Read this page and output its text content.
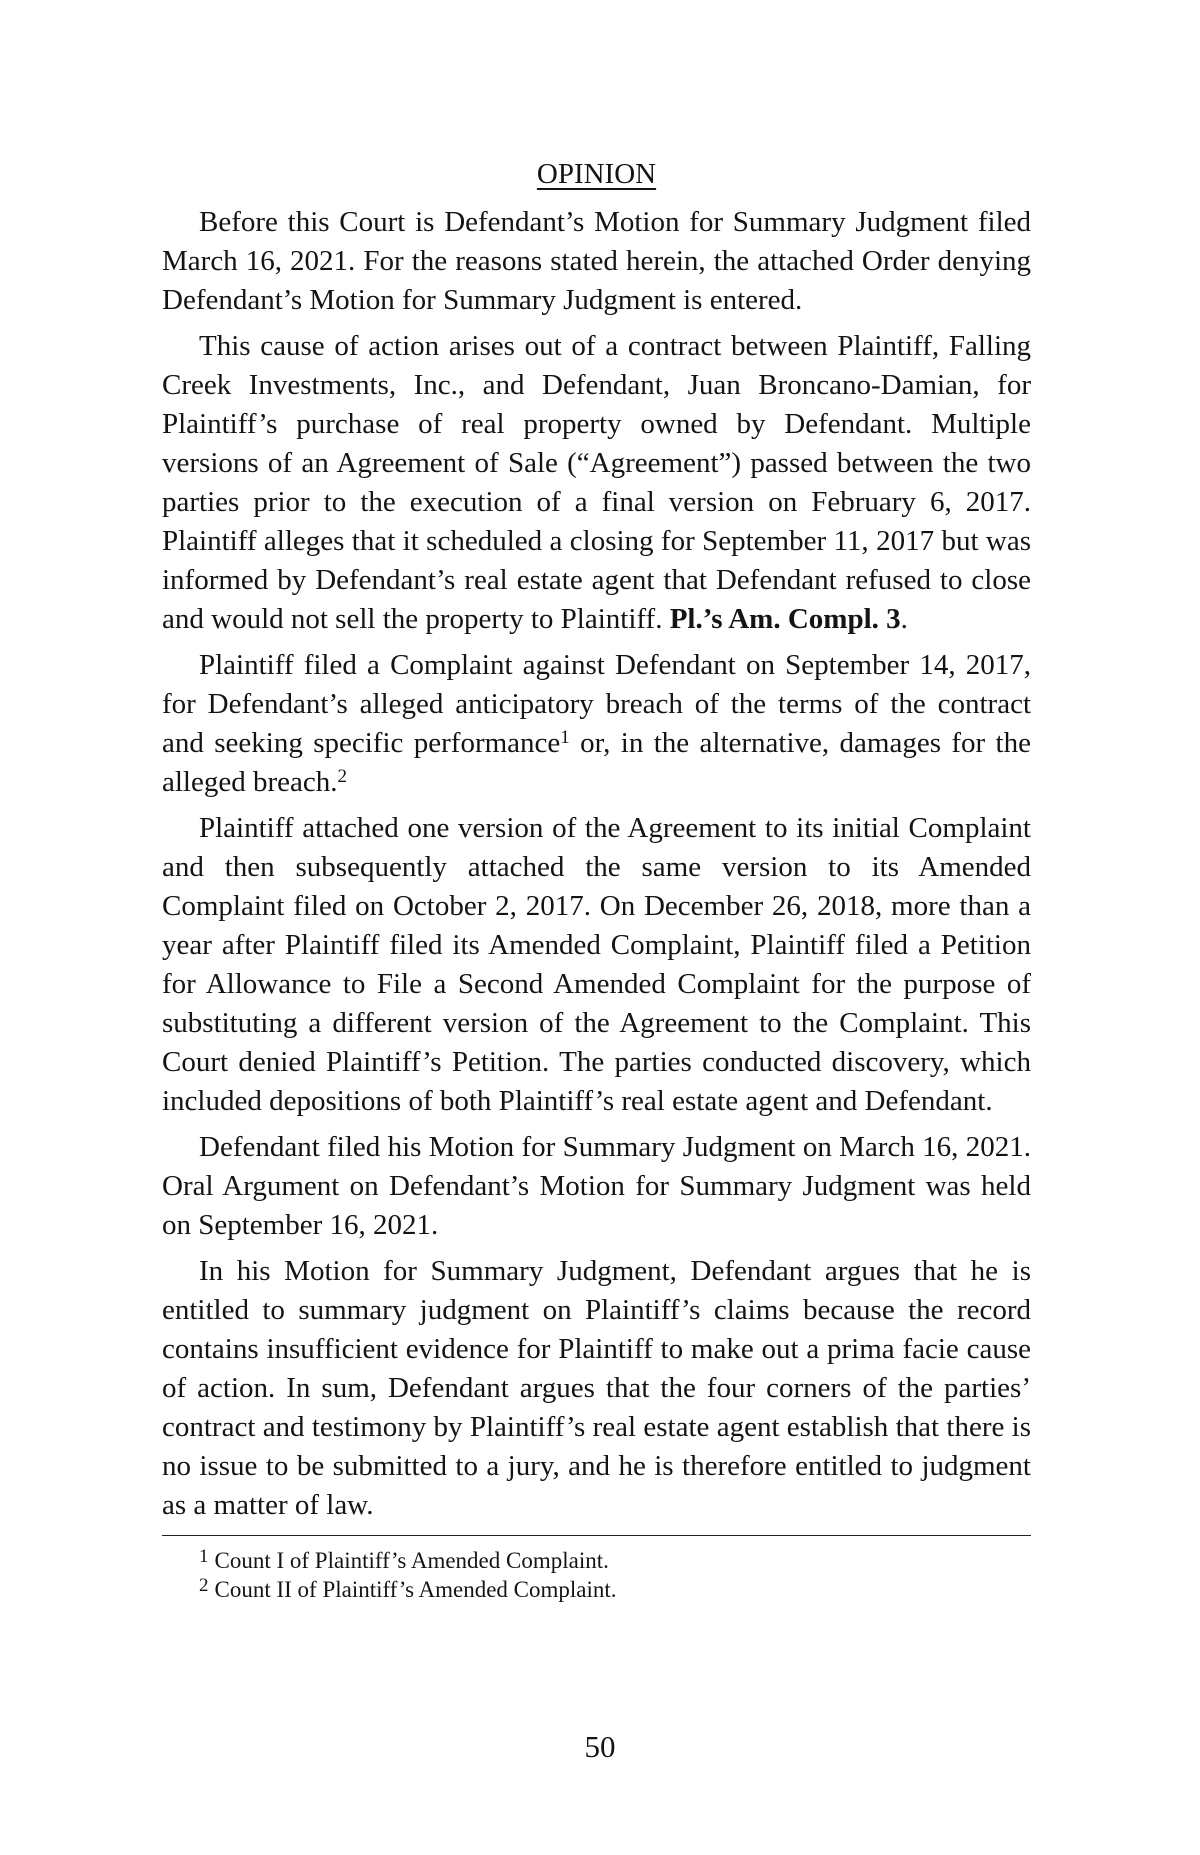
OPINION

Before this Court is Defendant’s Motion for Summary Judgment filed March 16, 2021. For the reasons stated herein, the attached Order denying Defendant’s Motion for Summary Judgment is entered.

This cause of action arises out of a contract between Plaintiff, Falling Creek Investments, Inc., and Defendant, Juan Broncano-Damian, for Plaintiff’s purchase of real property owned by Defendant. Multiple versions of an Agreement of Sale (“Agreement”) passed between the two parties prior to the execution of a final version on February 6, 2017. Plaintiff alleges that it scheduled a closing for September 11, 2017 but was informed by Defendant’s real estate agent that Defendant refused to close and would not sell the property to Plaintiff. Pl.’s Am. Compl. 3.

Plaintiff filed a Complaint against Defendant on September 14, 2017, for Defendant’s alleged anticipatory breach of the terms of the contract and seeking specific performance$^1$ or, in the alternative, damages for the alleged breach.$^2$

Plaintiff attached one version of the Agreement to its initial Complaint and then subsequently attached the same version to its Amended Complaint filed on October 2, 2017. On December 26, 2018, more than a year after Plaintiff filed its Amended Complaint, Plaintiff filed a Petition for Allowance to File a Second Amended Complaint for the purpose of substituting a different version of the Agreement to the Complaint. This Court denied Plaintiff’s Petition. The parties conducted discovery, which included depositions of both Plaintiff’s real estate agent and Defendant.

Defendant filed his Motion for Summary Judgment on March 16, 2021. Oral Argument on Defendant’s Motion for Summary Judgment was held on September 16, 2021.

In his Motion for Summary Judgment, Defendant argues that he is entitled to summary judgment on Plaintiff’s claims because the record contains insufficient evidence for Plaintiff to make out a prima facie cause of action. In sum, Defendant argues that the four corners of the parties’ contract and testimony by Plaintiff’s real estate agent establish that there is no issue to be submitted to a jury, and he is therefore entitled to judgment as a matter of law.

$^1$ Count I of Plaintiff’s Amended Complaint.

$^2$ Count II of Plaintiff’s Amended Complaint.

50
